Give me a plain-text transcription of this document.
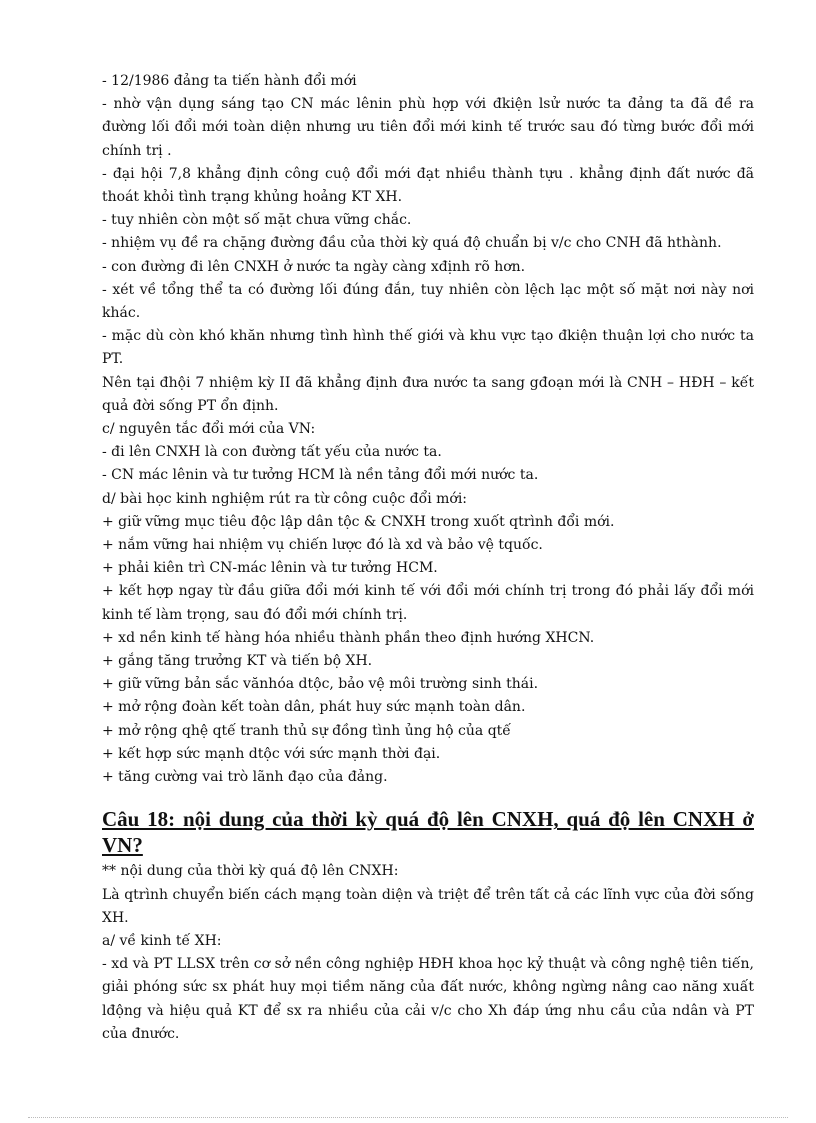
- 12/1986 đảng ta tiến hành đổi mới

- nhờ vận dụng sáng tạo CN mác lênin phù hợp với đkiện lsử nước ta đảng ta đã đề ra đường lối đổi mới toàn diện nhưng ưu tiên đổi mới kinh tế trước sau đó từng bước đổi mới chính trị .

- đại hội 7,8 khẳng định công cuộ đổi mới đạt nhiều thành tựu . khẳng định đất nước đã thoát khỏi tình trạng khủng hoảng KT XH.

- tuy nhiên còn một số mặt chưa vững chắc.

- nhiệm vụ đề ra chặng đường đầu của thời kỳ quá độ chuẩn bị v/c cho CNH đã hthành.

- con đường đi lên CNXH ở nước ta ngày càng xđịnh rõ hơn.

- xét về tổng thể ta có đường lối đúng đắn, tuy nhiên còn lệch lạc một số mặt nơi này nơi khác.

- mặc dù còn khó khăn nhưng tình hình thế giới và khu vực tạo đkiện thuận lợi cho nước ta PT.

Nên tại đhội 7 nhiệm kỳ II đã khẳng định đưa nước ta sang gđoạn mới là CNH – HĐH – kết quả đời sống PT ổn định.

c/ nguyên tắc đổi mới của VN:

- đi lên CNXH là con đường tất yếu của nước ta.

- CN mác lênin và tư tưởng HCM là nền tảng đổi mới nước ta.

d/ bài học kinh nghiệm rút ra từ công cuộc đổi mới:

+ giữ vững mục tiêu độc lập dân tộc & CNXH trong xuốt qtrình đổi mới.

+ nắm vững hai nhiệm vụ chiến lược đó là xd và bảo vệ tquốc.

+ phải kiên trì CN-mác lênin và tư tưởng HCM.

+ kết hợp ngay từ đầu giữa đổi mới kinh tế với đổi mới chính trị trong đó phải lấy đổi mới kinh tế làm trọng, sau đó đổi mới chính trị.

+ xd nền kinh tế hàng hóa nhiều thành phần theo định hướng XHCN.

+ gắng tăng trưởng KT và tiến bộ XH.

+ giữ vững bản sắc vănhóa dtộc, bảo vệ môi trường sinh thái.

+ mở rộng đoàn kết toàn dân, phát huy sức mạnh toàn dân.

+ mở rộng qhệ qtế tranh thủ sự đồng tình ủng hộ của qtế

+ kết hợp sức mạnh dtộc với sức mạnh thời đại.

+ tăng cường vai trò lãnh đạo của đảng.

Câu 18: nội dung của thời kỳ quá độ lên CNXH, quá độ lên CNXH ở VN?

** nội dung của thời kỳ quá độ lên CNXH:

Là qtrình chuyển biến cách mạng toàn diện và triệt để trên tất cả các lĩnh vực của đời sống XH.

a/ về kinh tế XH:

- xd và PT LLSX trên cơ sở nền công nghiệp HĐH khoa học kỷ thuật và công nghệ tiên tiến, giải phóng sức sx phát huy mọi tiềm năng của đất nước, không ngừng nâng cao năng xuất lđộng và hiệu quả KT để sx ra nhiều của cải v/c cho Xh đáp ứng nhu cầu của ndân và PT của đnước.
